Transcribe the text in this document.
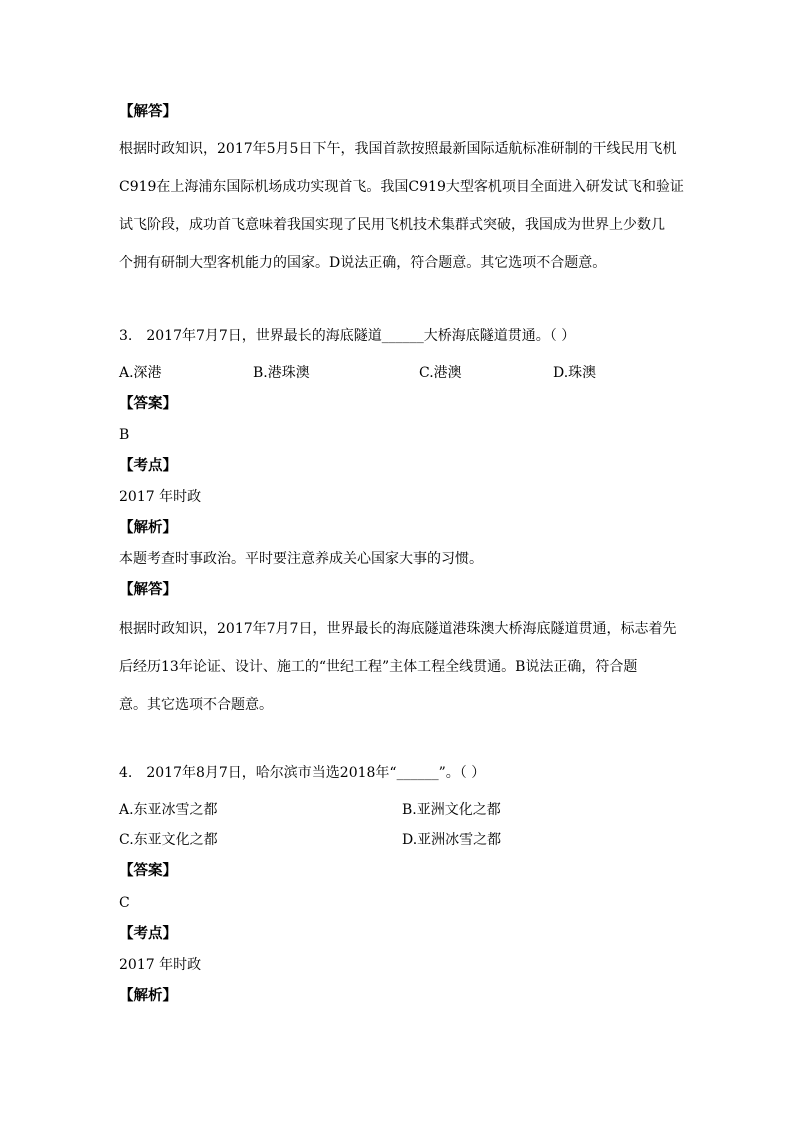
【解答】
根据时政知识，2017年5月5日下午，我国首款按照最新国际适航标准研制的干线民用飞机
C919在上海浦东国际机场成功实现首飞。我国C919大型客机项目全面进入研发试飞和验证
试飞阶段，成功首飞意味着我国实现了民用飞机技术集群式突破，我国成为世界上少数几
个拥有研制大型客机能力的国家。D说法正确，符合题意。其它选项不合题意。
3.　2017年7月7日，世界最长的海底隧道______大桥海底隧道贯通。（ ）
A.深港	B.港珠澳	C.港澳	D.珠澳
【答案】
B
【考点】
2017 年时政
【解析】
本题考查时事政治。平时要注意养成关心国家大事的习惯。
【解答】
根据时政知识，2017年7月7日，世界最长的海底隧道港珠澳大桥海底隧道贯通，标志着先
后经历13年论证、设计、施工的“世纪工程”主体工程全线贯通。B说法正确，符合题
意。其它选项不合题意。
4.　2017年8月7日，哈尔滨市当选2018年“______”。（ ）
A.东亚冰雪之都	B.亚洲文化之都
C.东亚文化之都	D.亚洲冰雪之都
【答案】
C
【考点】
2017 年时政
【解析】
